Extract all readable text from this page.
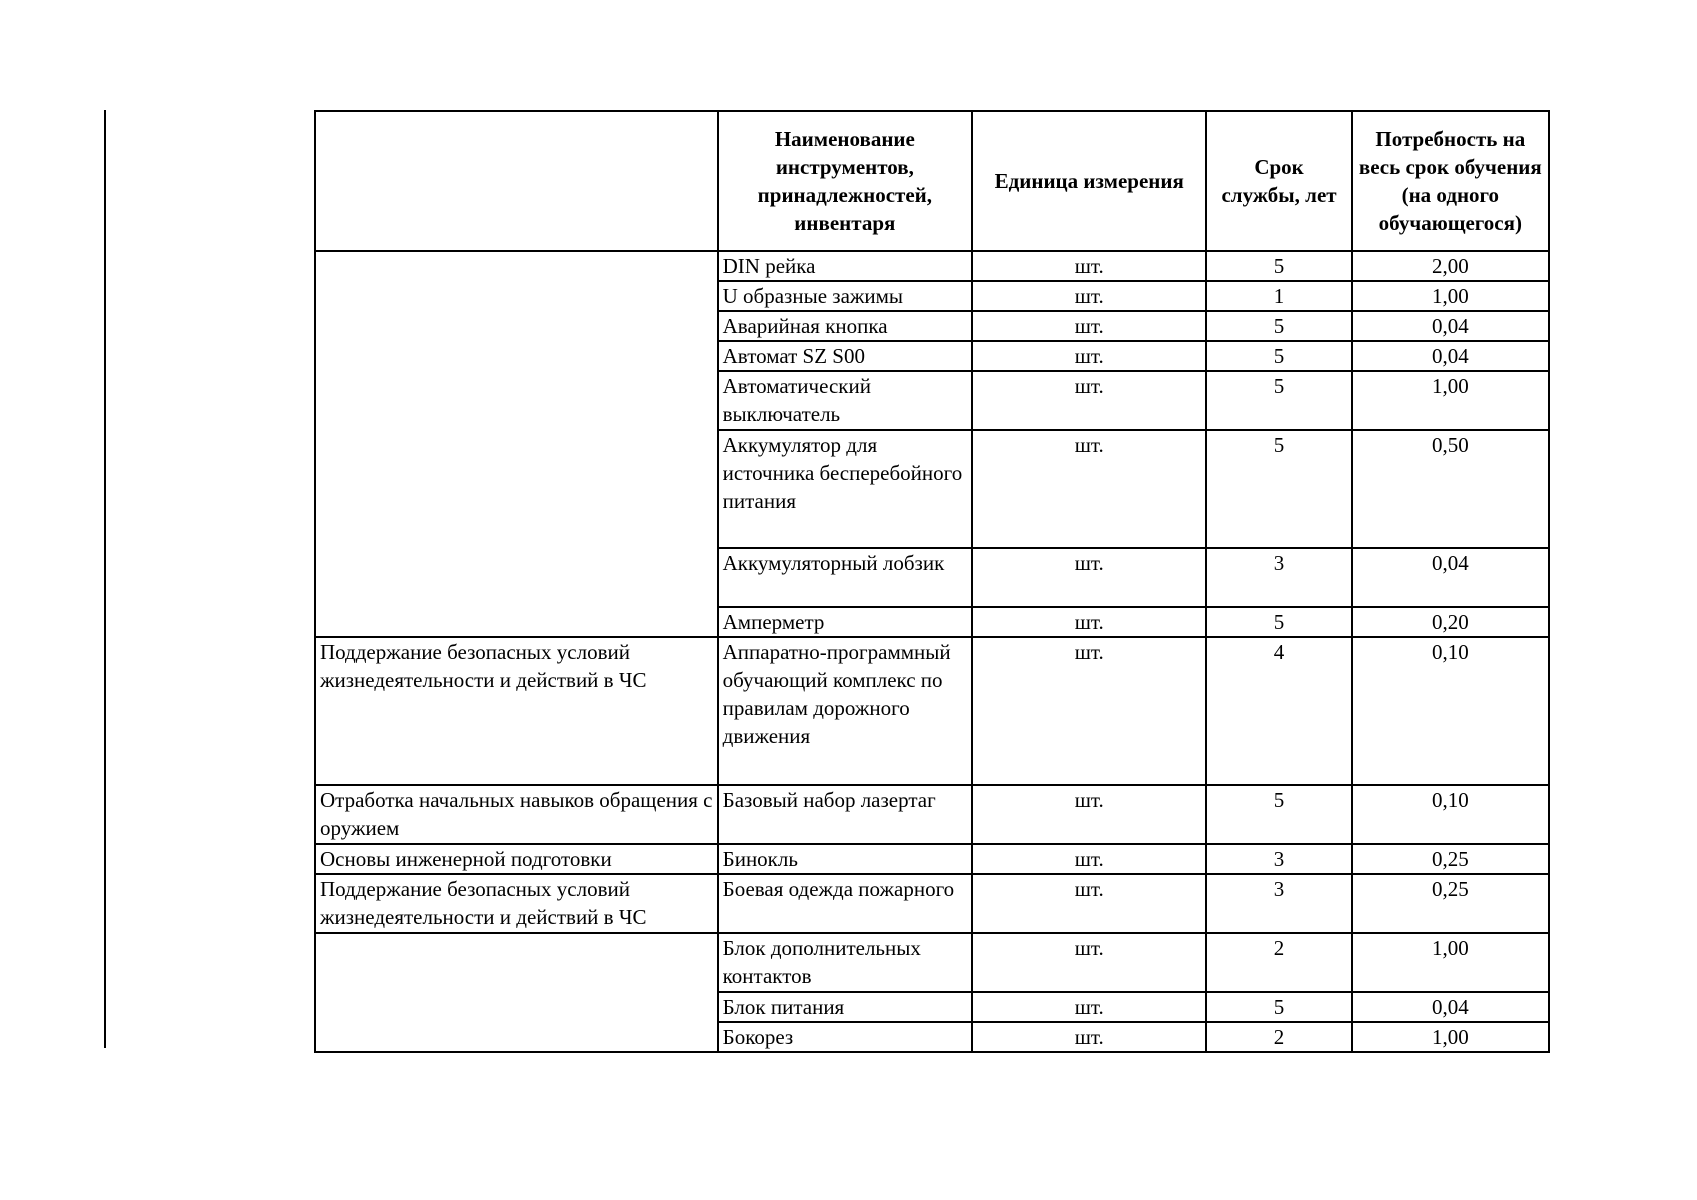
	Наименование инструментов, принадлежностей, инвентаря	Единица измерения	Срок службы, лет	Потребность на весь срок обучения (на одного обучающегося)
	DIN рейка	шт.	5	2,00
	U образные зажимы	шт.	1	1,00
	Аварийная кнопка	шт.	5	0,04
	Автомат SZ S00	шт.	5	0,04
	Автоматический выключатель	шт.	5	1,00
	Аккумулятор для источника бесперебойного питания	шт.	5	0,50
	Аккумуляторный лобзик	шт.	3	0,04
	Амперметр	шт.	5	0,20
Поддержание безопасных условий жизнедеятельности и действий в ЧС	Аппаратно-программный обучающий комплекс по правилам дорожного движения	шт.	4	0,10
Отработка начальных навыков обращения с оружием	Базовый набор лазертаг	шт.	5	0,10
Основы инженерной подготовки	Бинокль	шт.	3	0,25
Поддержание безопасных условий жизнедеятельности и действий в ЧС	Боевая одежда пожарного	шт.	3	0,25
	Блок дополнительных контактов	шт.	2	1,00
	Блок питания	шт.	5	0,04
	Бокорез	шт.	2	1,00
